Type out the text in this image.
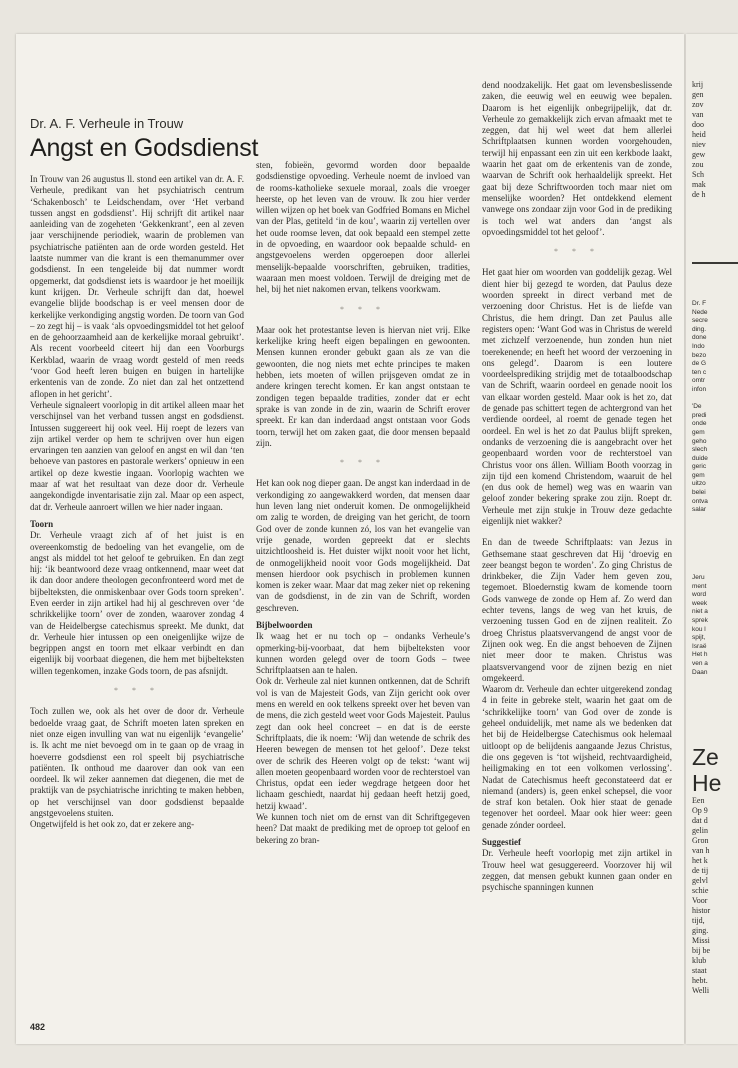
Dr. A. F. Verheule in Trouw
Angst en Godsdienst

In Trouw van 26 augustus ll. stond een artikel van dr. A. F. Verheule, predikant van het psychiatrisch centrum ‘Schakenbosch’ te Leidschendam, over ‘Het verband tussen angst en godsdienst’. Hij schrijft dit artikel naar aanleiding van de zogeheten ‘Gekkenkrant’, een al zeven jaar verschijnende periodiek, waarin de problemen van psychiatrische patiënten aan de orde worden gesteld. Het laatste nummer van die krant is een themanummer over godsdienst. In een tengeleide bij dat nummer wordt opgemerkt, dat godsdienst iets is waardoor je het moeilijk kunt krijgen. Dr. Verheule schrijft dan dat, hoewel evangelie blijde boodschap is er veel mensen door de kerkelijke verkondiging angstig worden. De toorn van God – zo zegt hij – is vaak ‘als opvoedingsmiddel tot het geloof en de gehoorzaamheid aan de kerkelijke moraal gebruikt’. Als recent voorbeeld citeert hij dan een Voorburgs Kerkblad, waarin de vraag wordt gesteld of men reeds ‘voor God heeft leren buigen en buigen in hartelijke erkentenis van de zonde. Zo niet dan zal het ontzettend aflopen in het gericht’.

Verheule signaleert voorlopig in dit artikel alleen maar het verschijnsel van het verband tussen angst en godsdienst. Intussen suggereert hij ook veel. Hij roept de lezers van zijn artikel verder op hem te schrijven over hun eigen ervaringen ten aanzien van geloof en angst en wil dan ‘ten behoeve van pastores en pastorale werkers’ opnieuw in een artikel op deze kwestie ingaan. Voorlopig wachten we maar af wat het resultaat van deze door dr. Verheule aangekondigde inventarisatie zijn zal. Maar op een aspect, dat dr. Verheule aanroert willen we hier nader ingaan.

Toorn

Dr. Verheule vraagt zich af of het juist is en overeenkomstig de bedoeling van het evangelie, om de angst als middel tot het geloof te gebruiken. En dan zegt hij: ‘ik beantwoord deze vraag ontkennend, maar weet dat ik dan door andere theologen geconfronteerd word met de bijbelteksten, die onmiskenbaar over Gods toorn spreken’. Even eerder in zijn artikel had hij al geschreven over ‘de schrikkelijke toorn’ over de zonden, waarover zondag 4 van de Heidelbergse catechismus spreekt. Me dunkt, dat dr. Verheule hier intussen op een oneigenlijke wijze de begrippen angst en toorn met elkaar verbindt en dan eigenlijk bij voorbaat diegenen, die hem met bijbelteksten willen tegenkomen, inzake Gods toorn, de pas afsnijdt.

* * *

Toch zullen we, ook als het over de door dr. Verheule bedoelde vraag gaat, de Schrift moeten laten spreken en niet onze eigen invulling van wat nu eigenlijk ‘evangelie’ is. Ik acht me niet bevoegd om in te gaan op de vraag in hoeverre godsdienst een rol speelt bij psychiatrische patiënten. Ik onthoud me daarover dan ook van een oordeel. Ik wil zeker aannemen dat diegenen, die met de praktijk van de psychiatrische inrichting te maken hebben, op het verschijnsel van door godsdienst bepaalde angstgevoelens stuiten.

Ongetwijfeld is het ook zo, dat er zekere ang-

sten, fobieën, gevormd worden door bepaalde godsdienstige opvoeding. Verheule noemt de invloed van de rooms-katholieke sexuele moraal, zoals die vroeger heerste, op het leven van de vrouw. Ik zou hier verder willen wijzen op het boek van Godfried Bomans en Michel van der Plas, getiteld ‘in de kou’, waarin zij vertellen over het oude roomse leven, dat ook bepaald een stempel zette in de opvoeding, en waardoor ook bepaalde schuld- en angstgevoelens werden opgeroepen door allerlei menselijk-bepaalde voorschriften, gebruiken, tradities, waaraan men moest voldoen. Terwijl de dreiging met de hel, bij het niet nakomen ervan, telkens voorkwam.

* * *

Maar ook het protestantse leven is hiervan niet vrij. Elke kerkelijke kring heeft eigen bepalingen en gewoonten. Mensen kunnen eronder gebukt gaan als ze van die gewoonten, die nog niets met echte principes te maken hebben, iets moeten of willen prijsgeven omdat ze in andere kringen terecht komen. Er kan angst ontstaan te zondigen tegen bepaalde tradities, zonder dat er echt sprake is van zonde in de zin, waarin de Schrift erover spreekt. Er kan dan inderdaad angst ontstaan voor Gods toorn, terwijl het om zaken gaat, die door mensen bepaald zijn.

* * *

Het kan ook nog dieper gaan. De angst kan inderdaad in de verkondiging zo aangewakkerd worden, dat mensen daar hun leven lang niet onderuit komen. De onmogelijkheid om zalig te worden, de dreiging van het gericht, de toorn God over de zonde kunnen zó, los van het evangelie van vrije genade, worden gepreekt dat er slechts uitzichtloosheid is. Het duister wijkt nooit voor het licht, de onmogelijkheid nooit voor Gods mogelijkheid. Dat mensen hierdoor ook psychisch in problemen kunnen komen is zeker waar. Maar dat mag zeker niet op rekening van de godsdienst, in de zin van de Schrift, worden geschreven.

Bijbelwoorden

Ik waag het er nu toch op – ondanks Verheule’s opmerking-bij-voorbaat, dat hem bijbelteksten voor kunnen worden gelegd over de toorn Gods – twee Schriftplaatsen aan te halen.

Ook dr. Verheule zal niet kunnen ontkennen, dat de Schrift vol is van de Majesteit Gods, van Zijn gericht ook over mens en wereld en ook telkens spreekt over het beven van de mens, die zich gesteld weet voor Gods Majesteit. Paulus zegt dan ook heel concreet – en dat is de eerste Schriftplaats, die ik noem: ‘Wij dan wetende de schrik des Heeren bewegen de mensen tot het geloof’. Deze tekst over de schrik des Heeren volgt op de tekst: ‘want wij allen moeten geopenbaard worden voor de rechterstoel van Christus, opdat een ieder wegdrage hetgeen door het lichaam geschiedt, naardat hij gedaan heeft hetzij goed, hetzij kwaad’.

We kunnen toch niet om de ernst van dit Schriftgegeven heen? Dat maakt de prediking met de oproep tot geloof en bekering zo bran-

dend noodzakelijk. Het gaat om levensbeslissende zaken, die eeuwig wel en eeuwig wee bepalen. Daarom is het eigenlijk onbegrijpelijk, dat dr. Verheule zo gemakkelijk zich ervan afmaakt met te zeggen, dat hij wel weet dat hem allerlei Schriftplaatsen kunnen worden voorgehouden, terwijl hij enpassant een zin uit een kerkbode laakt, waarin het gaat om de erkentenis van de zonde, waarvan de Schrift ook herhaaldelijk spreekt. Het gaat bij deze Schriftwoorden toch maar niet om menselijke woorden? Het ontdekkend element vanwege ons zondaar zijn voor God in de prediking is toch wel wat anders dan ‘angst als opvoedingsmiddel tot het geloof’.

* * *

Het gaat hier om woorden van goddelijk gezag. Wel dient hier bij gezegd te worden, dat Paulus deze woorden spreekt in direct verband met de verzoening door Christus. Het is de liefde van Christus, die hem dringt. Dan zet Paulus alle registers open: ‘Want God was in Christus de wereld met zichzelf verzoenende, hun zonden hun niet toerekenende; en heeft het woord der verzoening in ons gelegd’. Daarom is een loutere voordeelsprediking strijdig met de totaalboodschap van de Schrift, waarin oordeel en genade nooit los van elkaar worden gesteld. Maar ook is het zo, dat de genade pas schittert tegen de achtergrond van het verdiende oordeel, al roemt de genade tegen het oordeel. En wel is het zo dat Paulus blijft spreken, ondanks de verzoening die is aangebracht over het geopenbaard worden voor de rechterstoel van Christus voor ons állen. William Booth voorzag in zijn tijd een komend Christendom, waaruit de hel (en dus ook de hemel) weg was en waarin van geloof zonder bekering sprake zou zijn. Roept dr. Verheule met zijn stukje in Trouw deze gedachte eigenlijk niet wakker?

En dan de tweede Schriftplaats: van Jezus in Gethsemane staat geschreven dat Hij ‘droevig en zeer beangst begon te worden’. Zo ging Christus de drinkbeker, die Zijn Vader hem geven zou, tegemoet. Bloedernstig kwam de komende toorn Gods vanwege de zonde op Hem af. Zo werd dan echter tevens, langs de weg van het kruis, de verzoening tussen God en de zijnen realiteit. Zo droeg Christus plaatsvervangend de angst voor de Zijnen ook weg. En die angst behoeven de Zijnen niet meer door te maken. Christus was plaatsvervangend voor de zijnen bezig en niet omgekeerd.

Waarom dr. Verheule dan echter uitgerekend zondag 4 in feite in gebreke stelt, waarin het gaat om de ‘schrikkelijke toorn’ van God over de zonde is geheel onduidelijk, met name als we bedenken dat het bij de Heidelbergse Catechismus ook helemaal uitloopt op de belijdenis aangaande Jezus Christus, die ons gegeven is ‘tot wijsheid, rechtvaardigheid, heiligmaking en tot een volkomen verlossing’. Nadat de Catechismus heeft geconstateerd dat er niemand (anders) is, geen enkel schepsel, die voor de straf kon betalen. Ook hier staat de genade tegenover het oordeel. Maar ook hier weer: geen genade zónder oordeel.

Suggestief

Dr. Verheule heeft voorlopig met zijn artikel in Trouw heel wat gesuggereerd. Voorzover hij wil zeggen, dat mensen gebukt kunnen gaan onder en psychische spanningen kunnen

482
krij
gen
zov
van
doo
heid
niev
gew
zou
Sch
mak
de h
Dr. F
Nede
secre
ding.
done
Indo
bezo
de G
ten c
omtr
infon

'De
predi
onde
gem
geho
slech
duide
geric
gem
uitzo
belei
ontva
salar
Jeru
ment
word
week
niet a
sprek
kou l
spijt,
Israë
Het h
ven a
Daan
Ze
He
Een
Op 9
dat d
gelin
Gron
van h
het k
de tij
gelvl
schie
Voor
histor
tijd,
ging.
Missi
bij be
klub
staat
hebt.
Welli
